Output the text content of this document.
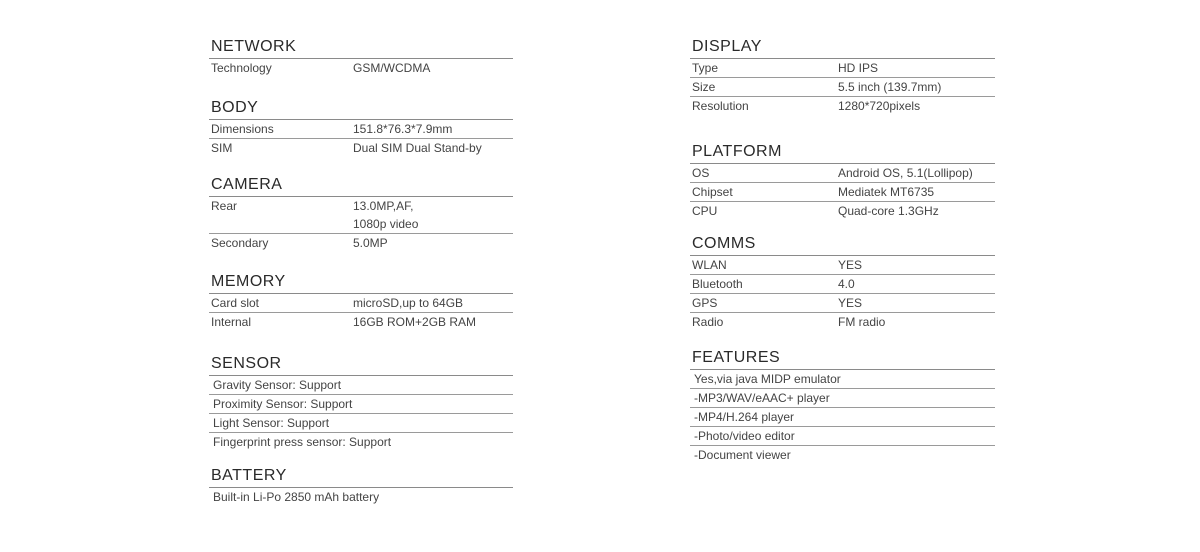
NETWORK
Technology	GSM/WCDMA
BODY
Dimensions	151.8*76.3*7.9mm
SIM	Dual SIM Dual Stand-by
CAMERA
Rear	13.0MP,AF,
1080p video
Secondary	5.0MP
MEMORY
Card slot	microSD,up to 64GB
Internal	16GB ROM+2GB RAM
SENSOR
Gravity Sensor: Support
Proximity Sensor: Support
Light Sensor: Support
Fingerprint press sensor: Support
BATTERY
Built-in Li-Po 2850 mAh battery
DISPLAY
Type	HD IPS
Size	5.5 inch (139.7mm)
Resolution	1280*720pixels
PLATFORM
OS	Android OS, 5.1(Lollipop)
Chipset	Mediatek MT6735
CPU	Quad-core 1.3GHz
COMMS
WLAN	YES
Bluetooth	4.0
GPS	YES
Radio	FM radio
FEATURES
Yes,via java MIDP emulator
-MP3/WAV/eAAC+ player
-MP4/H.264 player
-Photo/video editor
-Document viewer
